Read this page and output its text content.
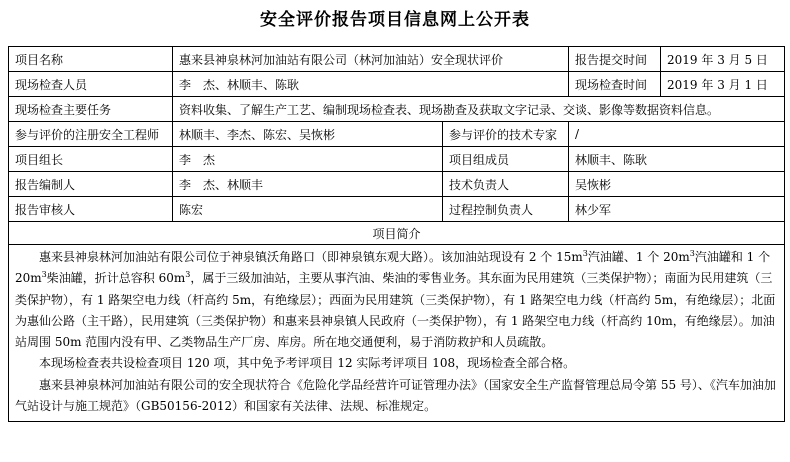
安全评价报告项目信息网上公开表
项目名称	惠来县神泉林河加油站有限公司（林河加油站）安全现状评价		报告提交时间	2019 年 3 月 5 日
现场检查人员	李　杰、林顺丰、陈耿		现场检查时间	2019 年 3 月 1 日
现场检查主要任务	资料收集、了解生产工艺、编制现场检查表、现场勘查及获取文字记录、交谈、影像等数据资料信息。			
参与评价的注册安全工程师	林顺丰、李杰、陈宏、吴恢彬	参与评价的技术专家	/	
项目组长	李　杰	项目组成员	林顺丰、陈耿	
报告编制人	李　杰、林顺丰	技术负责人	吴恢彬	
报告审核人	陈宏	过程控制负责人	林少军	
项目简介				

惠来县神泉林河加油站有限公司位于神泉镇沃角路口（即神泉镇东观大路）。该加油站现设有 2 个 $15m^3$汽油罐、1 个 $20m^3$汽油罐和 1 个 $20m^3$柴油罐，折计总容积 $60m^3$，属于三级加油站，主要从事汽油、柴油的零售业务。其东面为民用建筑（三类保护物）；南面为民用建筑（三类保护物），有 1 路架空电力线（杆高约 5m，有绝缘层）；西面为民用建筑（三类保护物），有 1 路架空电力线（杆高约 5m，有绝缘层）；北面为惠仙公路（主干路），民用建筑（三类保护物）和惠来县神泉镇人民政府（一类保护物），有 1 路架空电力线（杆高约 10m，有绝缘层）。加油站周围 50m 范围内没有甲、乙类物品生产厂房、库房。所在地交通便利，易于消防救护和人员疏散。

本现场检查表共设检查项目 120 项，其中免予考评项目 12 实际考评项目 108，现场检查全部合格。

惠来县神泉林河加油站有限公司的安全现状符合《危险化学品经营许可证管理办法》（国家安全生产监督管理总局令第 55 号）、《汽车加油加气站设计与施工规范》（GB50156-2012）和国家有关法律、法规、标准规定。				
